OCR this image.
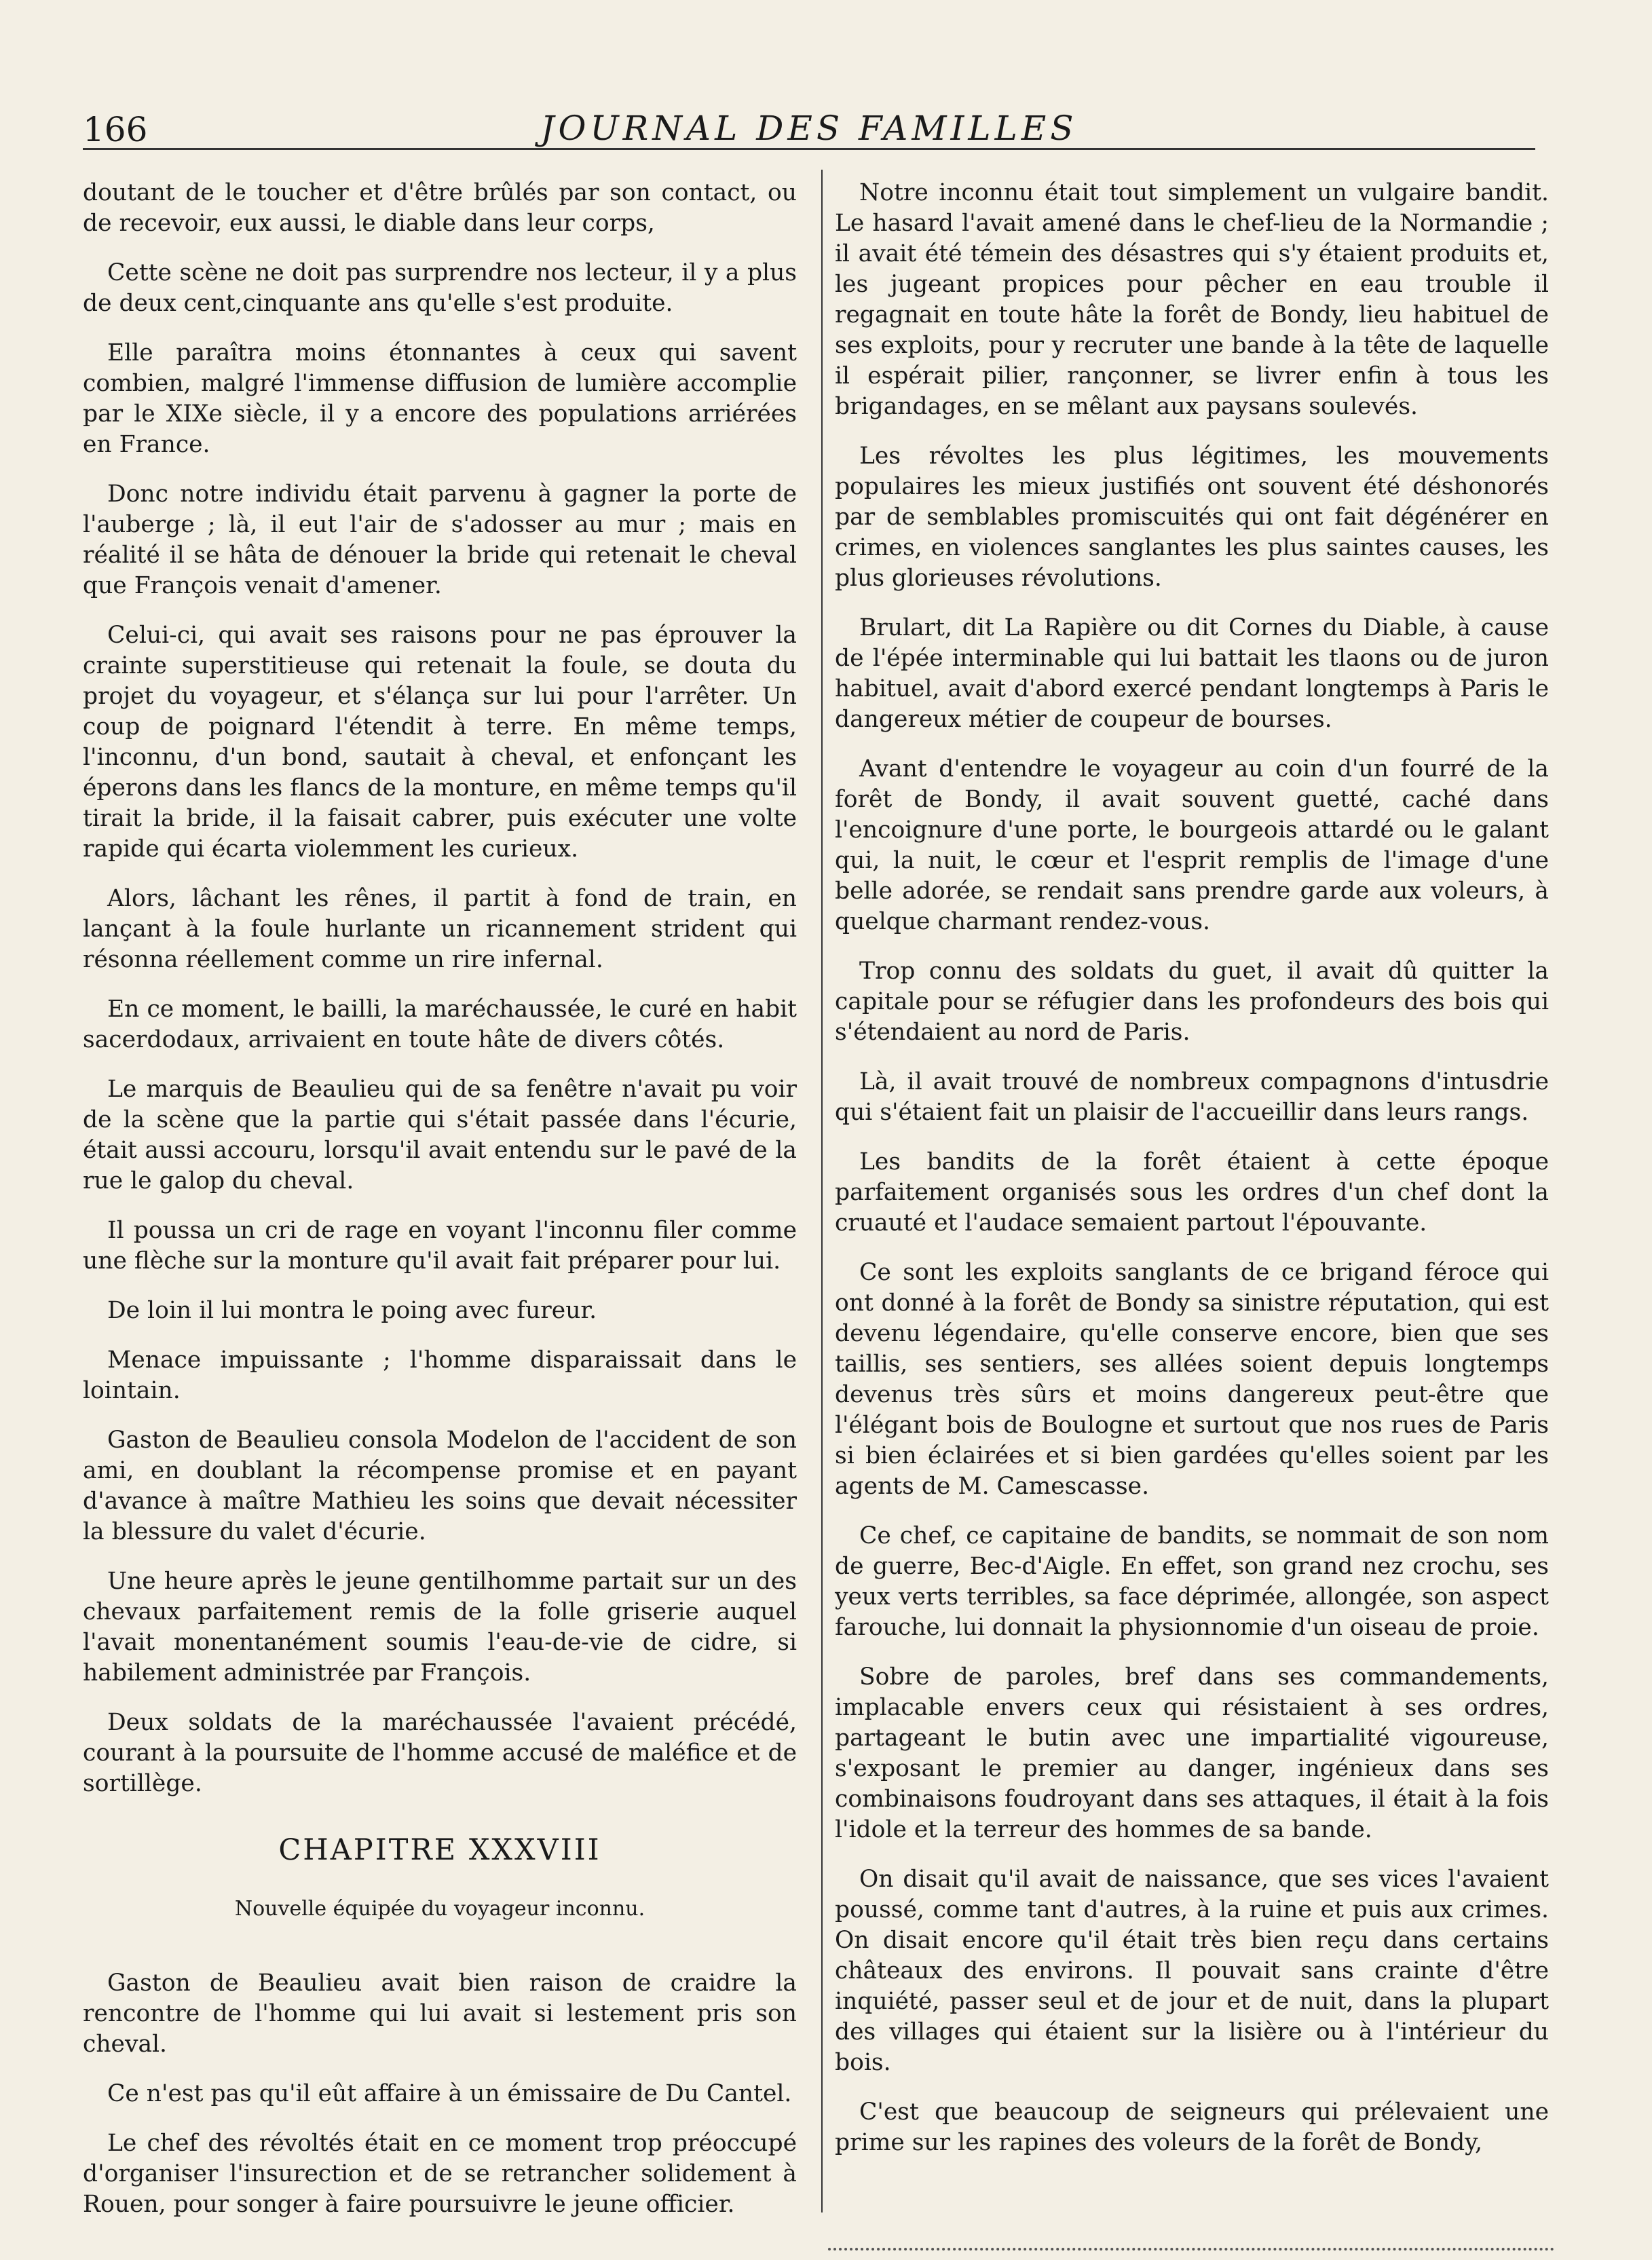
166	JOURNAL DES FAMILLES

doutant de le toucher et d'être brûlés par son contact, ou de recevoir, eux aussi, le diable dans leur corps,

Cette scène ne doit pas surprendre nos lecteur, il y a plus de deux cent,cinquante ans qu'elle s'est produite.

Elle paraîtra moins étonnantes à ceux qui savent combien, malgré l'immense diffusion de lumière accomplie par le XIXe siècle, il y a encore des populations arriérées en France.

Donc notre individu était parvenu à gagner la porte de l'auberge ; là, il eut l'air de s'adosser au mur ; mais en réalité il se hâta de dénouer la bride qui retenait le cheval que François venait d'amener.

Celui-ci, qui avait ses raisons pour ne pas éprouver la crainte superstitieuse qui retenait la foule, se douta du projet du voyageur, et s'élança sur lui pour l'arrêter. Un coup de poignard l'étendit à terre. En même temps, l'inconnu, d'un bond, sautait à cheval, et enfonçant les éperons dans les flancs de la monture, en même temps qu'il tirait la bride, il la faisait cabrer, puis exécuter une volte rapide qui écarta violemment les curieux.

Alors, lâchant les rênes, il partit à fond de train, en lançant à la foule hurlante un ricannement strident qui résonna réellement comme un rire infernal.

En ce moment, le bailli, la maréchaussée, le curé en habit sacerdodaux, arrivaient en toute hâte de divers côtés.

Le marquis de Beaulieu qui de sa fenêtre n'avait pu voir de la scène que la partie qui s'était passée dans l'écurie, était aussi accouru, lorsqu'il avait entendu sur le pavé de la rue le galop du cheval.

Il poussa un cri de rage en voyant l'inconnu filer comme une flèche sur la monture qu'il avait fait préparer pour lui.

De loin il lui montra le poing avec fureur.

Menace impuissante ; l'homme disparaissait dans le lointain.

Gaston de Beaulieu consola Modelon de l'accident de son ami, en doublant la récompense promise et en payant d'avance à maître Mathieu les soins que devait nécessiter la blessure du valet d'écurie.

Une heure après le jeune gentilhomme partait sur un des chevaux parfaitement remis de la folle griserie auquel l'avait monentanément soumis l'eau-de-vie de cidre, si habilement administrée par François.

Deux soldats de la maréchaussée l'avaient précédé, courant à la poursuite de l'homme accusé de maléfice et de sortillège.

CHAPITRE XXXVIII
Nouvelle équipée du voyageur inconnu.

Gaston de Beaulieu avait bien raison de craidre la rencontre de l'homme qui lui avait si lestement pris son cheval.

Ce n'est pas qu'il eût affaire à un émissaire de Du Cantel.

Le chef des révoltés était en ce moment trop préoccupé d'organiser l'insurection et de se retrancher solidement à Rouen, pour songer à faire poursuivre le jeune officier.

Notre inconnu était tout simplement un vulgaire bandit. Le hasard l'avait amené dans le chef-lieu de la Normandie ; il avait été témein des désastres qui s'y étaient produits et, les jugeant propices pour pêcher en eau trouble il regagnait en toute hâte la forêt de Bondy, lieu habituel de ses exploits, pour y recruter une bande à la tête de laquelle il espérait pilier, rançonner, se livrer enfin à tous les brigandages, en se mêlant aux paysans soulevés.

Les révoltes les plus légitimes, les mouvements populaires les mieux justifiés ont souvent été déshonorés par de semblables promiscuités qui ont fait dégénérer en crimes, en violences sanglantes les plus saintes causes, les plus glorieuses révolutions.

Brulart, dit La Rapière ou dit Cornes du Diable, à cause de l'épée interminable qui lui battait les tlaons ou de juron habituel, avait d'abord exercé pendant longtemps à Paris le dangereux métier de coupeur de bourses.

Avant d'entendre le voyageur au coin d'un fourré de la forêt de Bondy, il avait souvent guetté, caché dans l'encoignure d'une porte, le bourgeois attardé ou le galant qui, la nuit, le cœur et l'esprit remplis de l'image d'une belle adorée, se rendait sans prendre garde aux voleurs, à quelque charmant rendez-vous.

Trop connu des soldats du guet, il avait dû quitter la capitale pour se réfugier dans les profondeurs des bois qui s'étendaient au nord de Paris.

Là, il avait trouvé de nombreux compagnons d'intusdrie qui s'étaient fait un plaisir de l'accueillir dans leurs rangs.

Les bandits de la forêt étaient à cette époque parfaitement organisés sous les ordres d'un chef dont la cruauté et l'audace semaient partout l'épouvante.

Ce sont les exploits sanglants de ce brigand féroce qui ont donné à la forêt de Bondy sa sinistre réputation, qui est devenu légendaire, qu'elle conserve encore, bien que ses taillis, ses sentiers, ses allées soient depuis longtemps devenus très sûrs et moins dangereux peut-être que l'élégant bois de Boulogne et surtout que nos rues de Paris si bien éclairées et si bien gardées qu'elles soient par les agents de M. Camescasse.

Ce chef, ce capitaine de bandits, se nommait de son nom de guerre, Bec-d'Aigle. En effet, son grand nez crochu, ses yeux verts terribles, sa face déprimée, allongée, son aspect farouche, lui donnait la physionnomie d'un oiseau de proie.

Sobre de paroles, bref dans ses commandements, implacable envers ceux qui résistaient à ses ordres, partageant le butin avec une impartialité vigoureuse, s'exposant le premier au danger, ingénieux dans ses combinaisons foudroyant dans ses attaques, il était à la fois l'idole et la terreur des hommes de sa bande.

On disait qu'il avait de naissance, que ses vices l'avaient poussé, comme tant d'autres, à la ruine et puis aux crimes. On disait encore qu'il était très bien reçu dans certains châteaux des environs. Il pouvait sans crainte d'être inquiété, passer seul et de jour et de nuit, dans la plupart des villages qui étaient sur la lisière ou à l'intérieur du bois.

C'est que beaucoup de seigneurs qui prélevaient une prime sur les rapines des voleurs de la forêt de Bondy,
